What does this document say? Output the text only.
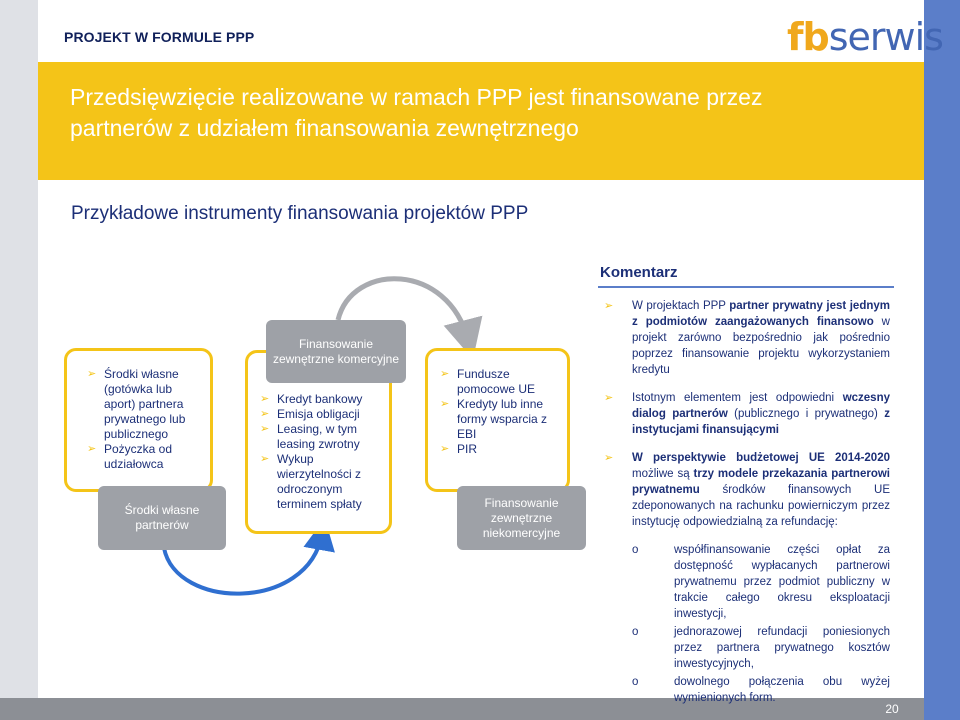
20
PROJEKT W FORMULE PPP	fbserwis
Przedsięwzięcie realizowane w ramach PPP jest finansowane przez partnerów z udziałem finansowania zewnętrznego
Przykładowe instrumenty finansowania projektów PPP
➢ Środki własne (gotówka lub aport) partnera prywatnego lub publicznego
➢ Pożyczka od udziałowca
Środki własne partnerów
➢ Kredyt bankowy
➢ Emisja obligacji
➢ Leasing, w tym leasing zwrotny
➢ Wykup wierzytelności z odroczonym terminem spłaty
Finansowanie zewnętrzne komercyjne
➢ Fundusze pomocowe UE
➢ Kredyty lub inne formy wsparcia z EBI
➢ PIR
Finansowanie zewnętrzne niekomercyjne
Komentarz
➢ W projektach PPP partner prywatny jest jednym z podmiotów zaangażowanych finansowo w projekt zarówno bezpośrednio jak pośrednio poprzez finansowanie projektu wykorzystaniem kredytu
➢ Istotnym elementem jest odpowiedni wczesny dialog partnerów (publicznego i prywatnego) z instytucjami finansującymi
➢ W perspektywie budżetowej UE 2014-2020 możliwe są trzy modele przekazania partnerowi prywatnemu środków finansowych UE zdeponowanych na rachunku powierniczym przez instytucję odpowiedzialną za refundację:
o	współfinansowanie części opłat za dostępność wypłacanych partnerowi prywatnemu przez podmiot publiczny w trakcie całego okresu eksploatacji inwestycji,
o	jednorazowej refundacji poniesionych przez partnera prywatnego kosztów inwestycyjnych,
o	dowolnego połączenia obu wyżej wymienionych form.
